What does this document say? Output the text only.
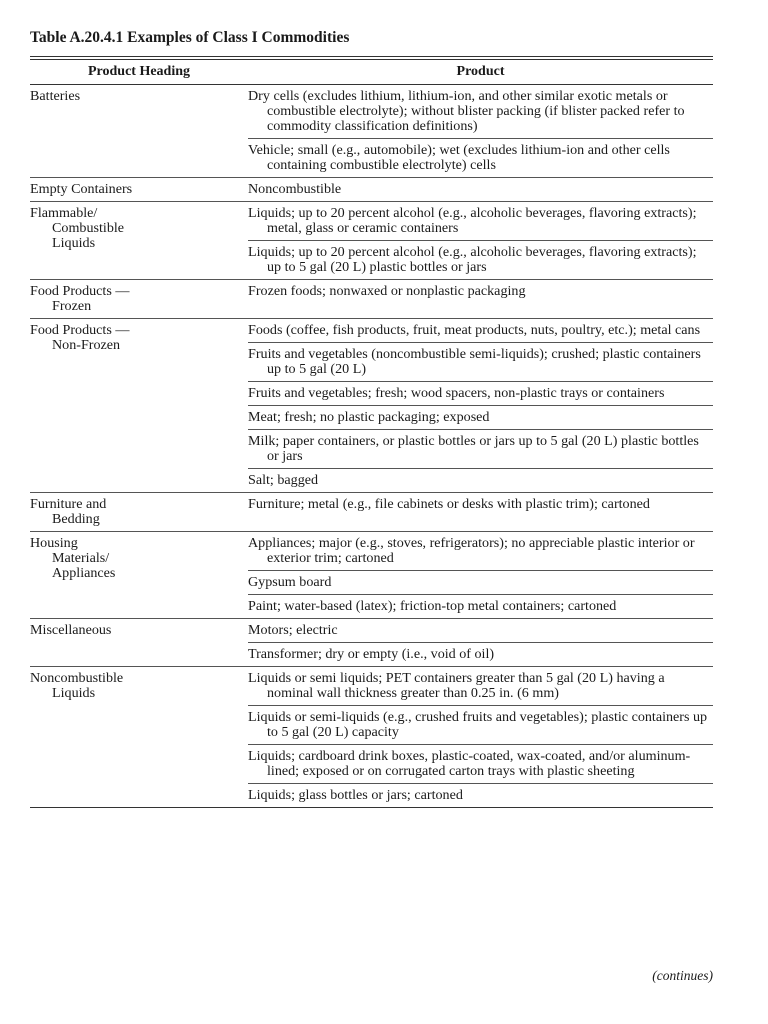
Table A.20.4.1 Examples of Class I Commodities
Product Heading	Product
Batteries	Dry cells (excludes lithium, lithium-ion, and other similar exotic metals or combustible electrolyte); without blister packing (if blister packed refer to commodity classification definitions)

	Vehicle; small (e.g., automobile); wet (excludes lithium-ion and other cells containing combustible electrolyte) cells

Empty Containers	Noncombustible

Flammable/
Combustible
Liquids	Liquids; up to 20 percent alcohol (e.g., alcoholic beverages, flavoring extracts); metal, glass or ceramic containers

	Liquids; up to 20 percent alcohol (e.g., alcoholic beverages, flavoring extracts); up to 5 gal (20 L) plastic bottles or jars

Food Products —
Frozen	Frozen foods; nonwaxed or nonplastic packaging

Food Products —
Non-Frozen	Foods (coffee, fish products, fruit, meat products, nuts, poultry, etc.); metal cans

	Fruits and vegetables (noncombustible semi-liquids); crushed; plastic containers up to 5 gal (20 L)

	Fruits and vegetables; fresh; wood spacers, non-plastic trays or containers

	Meat; fresh; no plastic packaging; exposed

	Milk; paper containers, or plastic bottles or jars up to 5 gal (20 L) plastic bottles or jars

	Salt; bagged

Furniture and
Bedding	Furniture; metal (e.g., file cabinets or desks with plastic trim); cartoned

Housing
Materials/
Appliances	Appliances; major (e.g., stoves, refrigerators); no appreciable plastic interior or exterior trim; cartoned

	Gypsum board

	Paint; water-based (latex); friction-top metal containers; cartoned

Miscellaneous	Motors; electric

	Transformer; dry or empty (i.e., void of oil)

Noncombustible
Liquids	Liquids or semi liquids; PET containers greater than 5 gal (20 L) having a nominal wall thickness greater than 0.25 in. (6 mm)

	Liquids or semi-liquids (e.g., crushed fruits and vegetables); plastic containers up to 5 gal (20 L) capacity

	Liquids; cardboard drink boxes, plastic-coated, wax-coated, and/or aluminum-lined; exposed or on corrugated carton trays with plastic sheeting

	Liquids; glass bottles or jars; cartoned
(continues)
